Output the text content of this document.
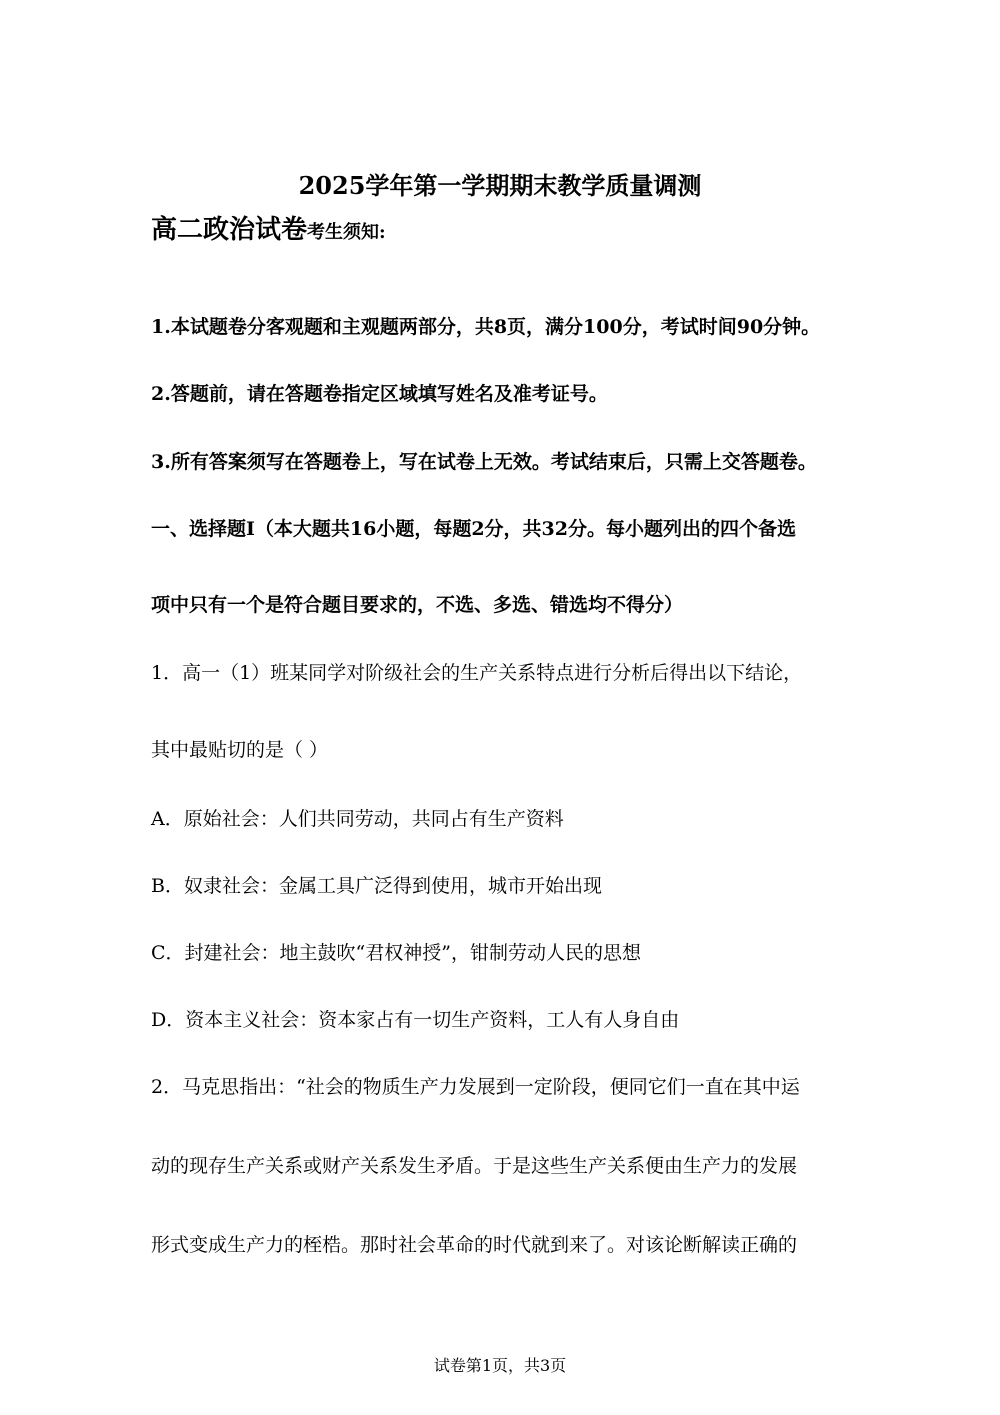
2025学年第一学期期末教学质量调测
高二政治试卷考生须知:
1.本试题卷分客观题和主观题两部分，共8页，满分100分，考试时间90分钟。
2.答题前，请在答题卷指定区域填写姓名及准考证号。
3.所有答案须写在答题卷上，写在试卷上无效。考试结束后，只需上交答题卷。
一、选择题Ⅰ（本大题共16小题，每题2分，共32分。每小题列出的四个备选
项中只有一个是符合题目要求的，不选、多选、错选均不得分）
1．高一（1）班某同学对阶级社会的生产关系特点进行分析后得出以下结论，
其中最贴切的是（ ）
A．原始社会：人们共同劳动，共同占有生产资料
B．奴隶社会：金属工具广泛得到使用，城市开始出现
C．封建社会：地主鼓吹“君权神授”，钳制劳动人民的思想
D．资本主义社会：资本家占有一切生产资料，工人有人身自由
2．马克思指出：“社会的物质生产力发展到一定阶段，便同它们一直在其中运
动的现存生产关系或财产关系发生矛盾。于是这些生产关系便由生产力的发展
形式变成生产力的桎梏。那时社会革命的时代就到来了。对该论断解读正确的
试卷第1页，共3页
